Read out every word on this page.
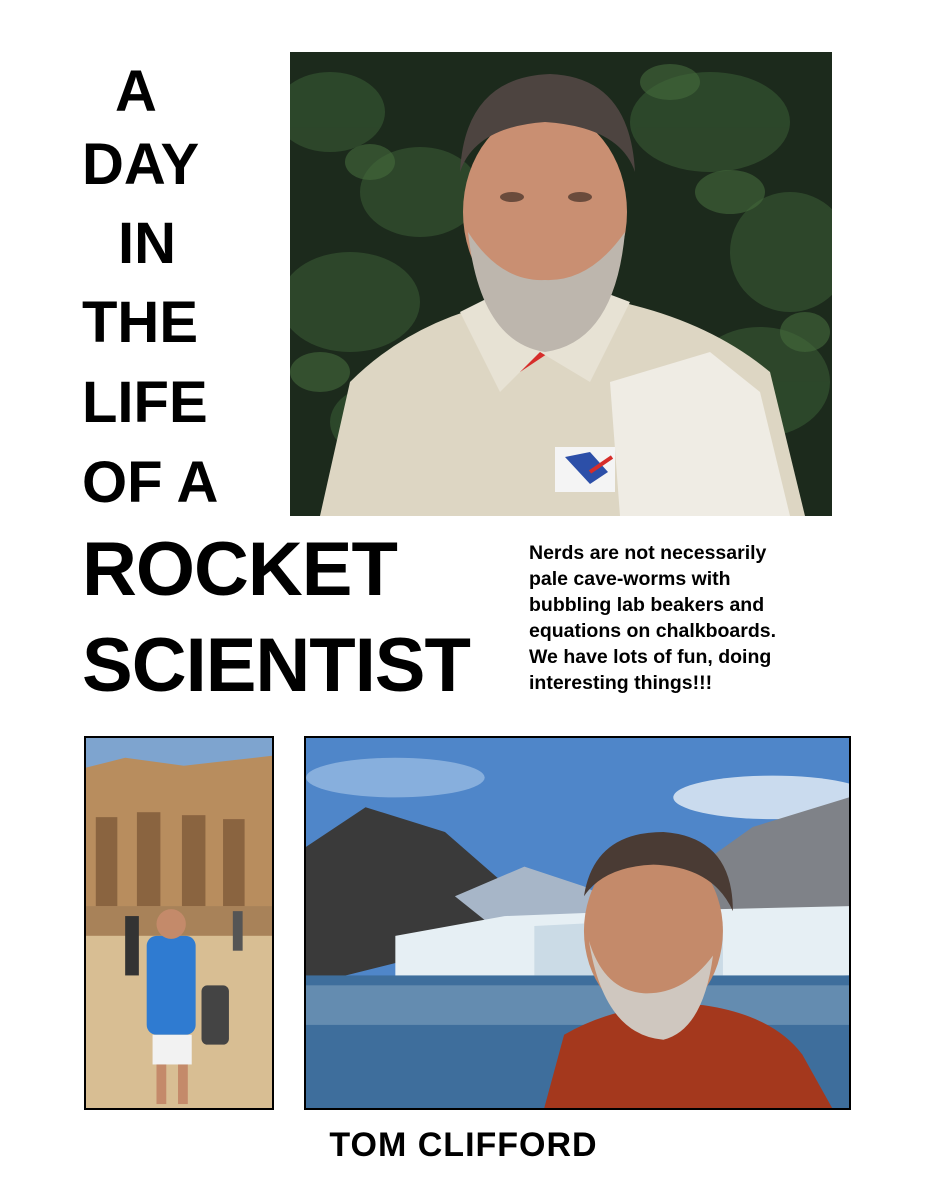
A
DAY
IN
THE
LIFE
OF A
ROCKET
SCIENTIST
Nerds are not necessarily
pale cave-worms with
bubbling lab beakers and
equations on chalkboards.
We have lots of fun, doing
interesting things!!!

TOM CLIFFORD
